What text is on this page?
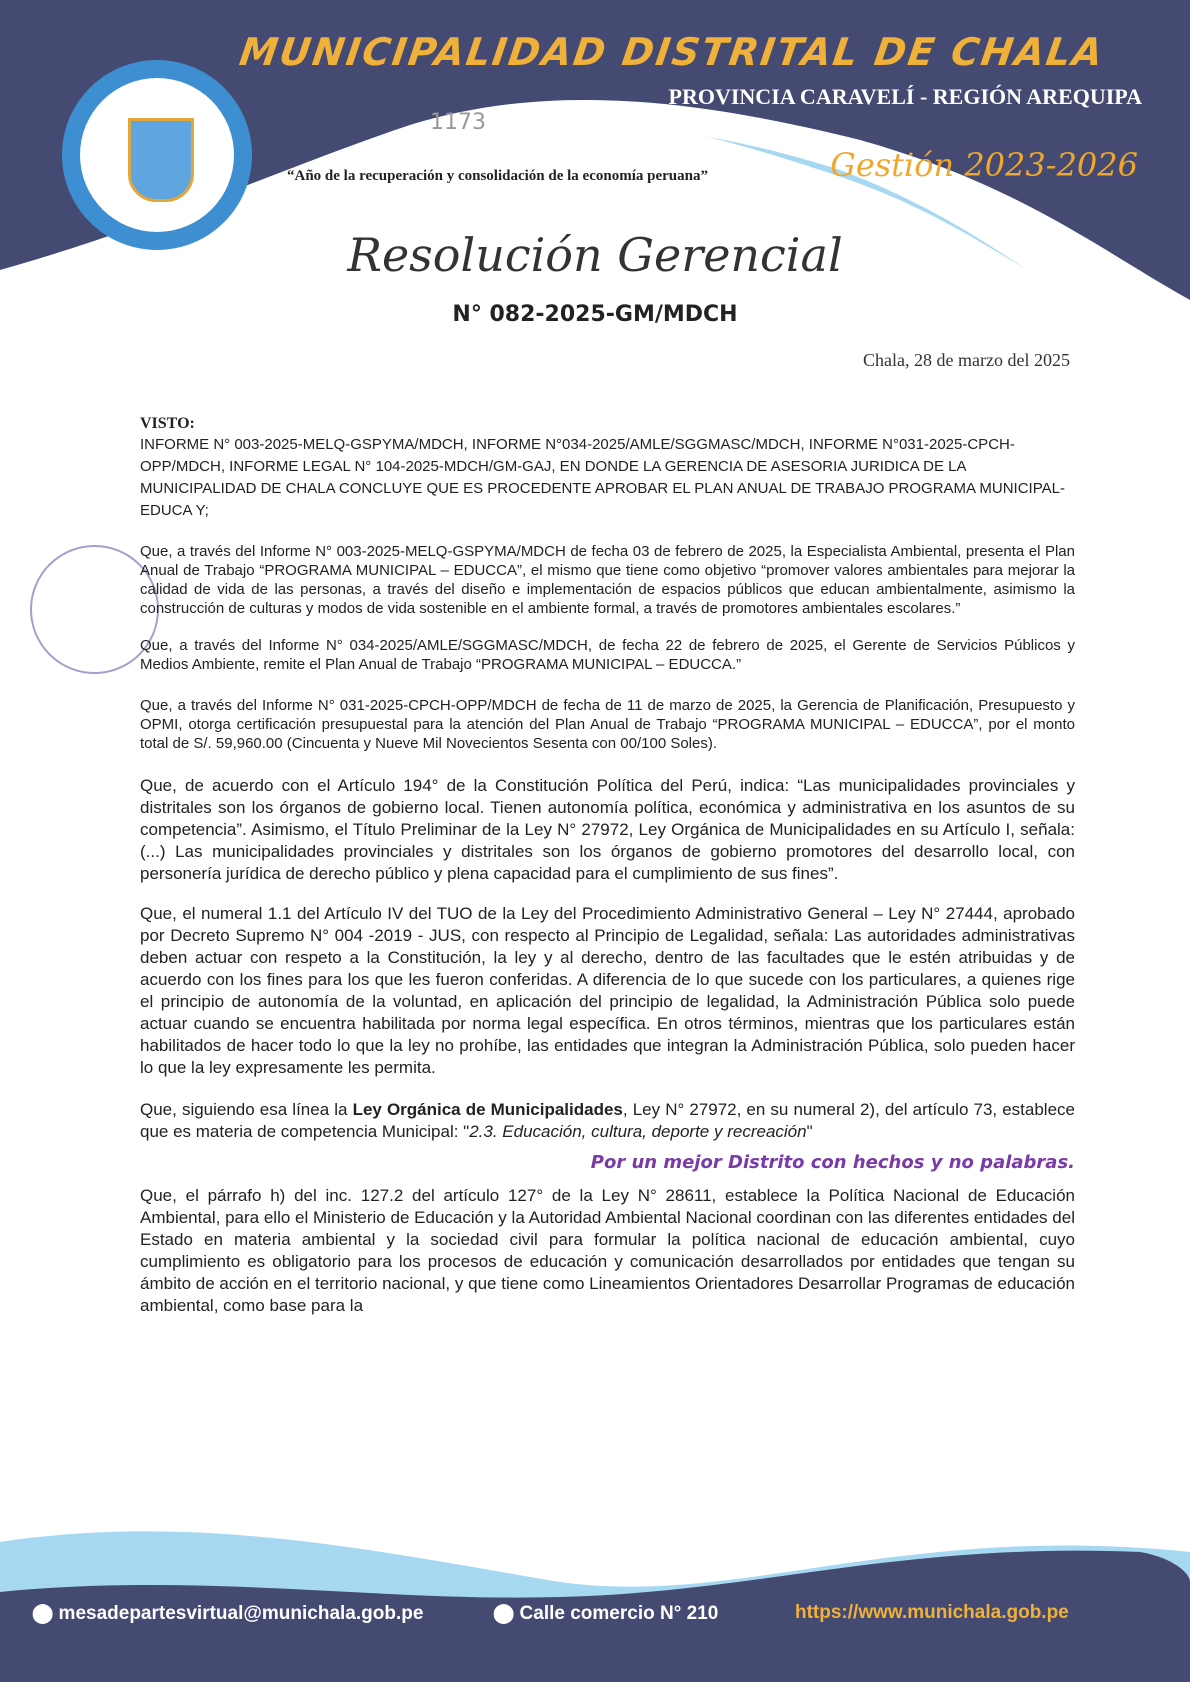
MUNICIPALIDAD DISTRITAL DE CHALA
PROVINCIA CARAVELÍ - REGIÓN AREQUIPA
1173
“Año de la recuperación y consolidación de la economía peruana”	Gestión 2023-2026
Resolución Gerencial
N° 082-2025-GM/MDCH
Chala, 28 de marzo del 2025
VISTO:
INFORME N° 003-2025-MELQ-GSPYMA/MDCH, INFORME N°034-2025/AMLE/SGGMASC/MDCH, INFORME N°031-2025-CPCH-OPP/MDCH, INFORME LEGAL N° 104-2025-MDCH/GM-GAJ, EN DONDE LA GERENCIA DE ASESORIA JURIDICA DE LA MUNICIPALIDAD DE CHALA CONCLUYE QUE ES PROCEDENTE APROBAR EL PLAN ANUAL DE TRABAJO PROGRAMA MUNICIPAL-EDUCA Y;
Que, a través del Informe N° 003-2025-MELQ-GSPYMA/MDCH de fecha 03 de febrero de 2025, la Especialista Ambiental, presenta el Plan Anual de Trabajo “PROGRAMA MUNICIPAL – EDUCCA”, el mismo que tiene como objetivo “promover valores ambientales para mejorar la calidad de vida de las personas, a través del diseño e implementación de espacios públicos que educan ambientalmente, asimismo la construcción de culturas y modos de vida sostenible en el ambiente formal, a través de promotores ambientales escolares.”
Que, a través del Informe N° 034-2025/AMLE/SGGMASC/MDCH, de fecha 22 de febrero de 2025, el Gerente de Servicios Públicos y Medios Ambiente, remite el Plan Anual de Trabajo “PROGRAMA MUNICIPAL – EDUCCA.”
Que, a través del Informe N° 031-2025-CPCH-OPP/MDCH de fecha de 11 de marzo de 2025, la Gerencia de Planificación, Presupuesto y OPMI, otorga certificación presupuestal para la atención del Plan Anual de Trabajo “PROGRAMA MUNICIPAL – EDUCCA”, por el monto total de S/. 59,960.00 (Cincuenta y Nueve Mil Novecientos Sesenta con 00/100 Soles).
Que, de acuerdo con el Artículo 194° de la Constitución Política del Perú, indica: “Las municipalidades provinciales y distritales son los órganos de gobierno local. Tienen autonomía política, económica y administrativa en los asuntos de su competencia”. Asimismo, el Título Preliminar de la Ley N° 27972, Ley Orgánica de Municipalidades en su Artículo I, señala: (...) Las municipalidades provinciales y distritales son los órganos de gobierno promotores del desarrollo local, con personería jurídica de derecho público y plena capacidad para el cumplimiento de sus fines”.
Que, el numeral 1.1 del Artículo IV del TUO de la Ley del Procedimiento Administrativo General – Ley N° 27444, aprobado por Decreto Supremo N° 004 -2019 - JUS, con respecto al Principio de Legalidad, señala: Las autoridades administrativas deben actuar con respeto a la Constitución, la ley y al derecho, dentro de las facultades que le estén atribuidas y de acuerdo con los fines para los que les fueron conferidas. A diferencia de lo que sucede con los particulares, a quienes rige el principio de autonomía de la voluntad, en aplicación del principio de legalidad, la Administración Pública solo puede actuar cuando se encuentra habilitada por norma legal específica. En otros términos, mientras que los particulares están habilitados de hacer todo lo que la ley no prohíbe, las entidades que integran la Administración Pública, solo pueden hacer lo que la ley expresamente les permita.
Que, siguiendo esa línea la Ley Orgánica de Municipalidades, Ley N° 27972, en su numeral 2), del artículo 73, establece que es materia de competencia Municipal: "2.3. Educación, cultura, deporte y recreación"
Por un mejor Distrito con hechos y no palabras.
Que, el párrafo h) del inc. 127.2 del artículo 127° de la Ley N° 28611, establece la Política Nacional de Educación Ambiental, para ello el Ministerio de Educación y la Autoridad Ambiental Nacional coordinan con las diferentes entidades del Estado en materia ambiental y la sociedad civil para formular la política nacional de educación ambiental, cuyo cumplimiento es obligatorio para los procesos de educación y comunicación desarrollados por entidades que tengan su ámbito de acción en el territorio nacional, y que tiene como Lineamientos Orientadores Desarrollar Programas de educación ambiental, como base para la
⬤ mesadepartesvirtual@munichala.gob.pe	⬤ Calle comercio N° 210	https://www.munichala.gob.pe
